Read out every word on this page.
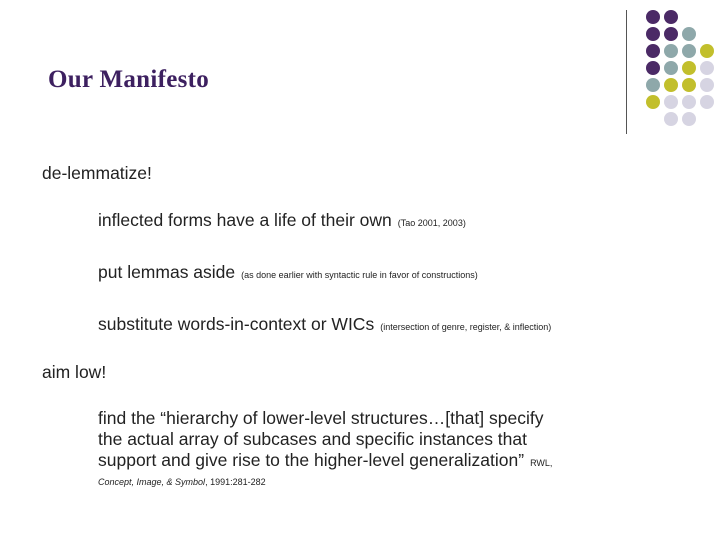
Our Manifesto
de-lemmatize!
inflected forms have a life of their own (Tao 2001, 2003)
put lemmas aside (as done earlier with syntactic rule in favor of constructions)
substitute words-in-context or WICs (intersection of genre, register, & inflection)
aim low!
find the “hierarchy of lower-level structures…[that] specify
the actual array of subcases and specific instances that
support and give rise to the higher-level generalization” RWL,
Concept, Image, & Symbol, 1991:281-282
